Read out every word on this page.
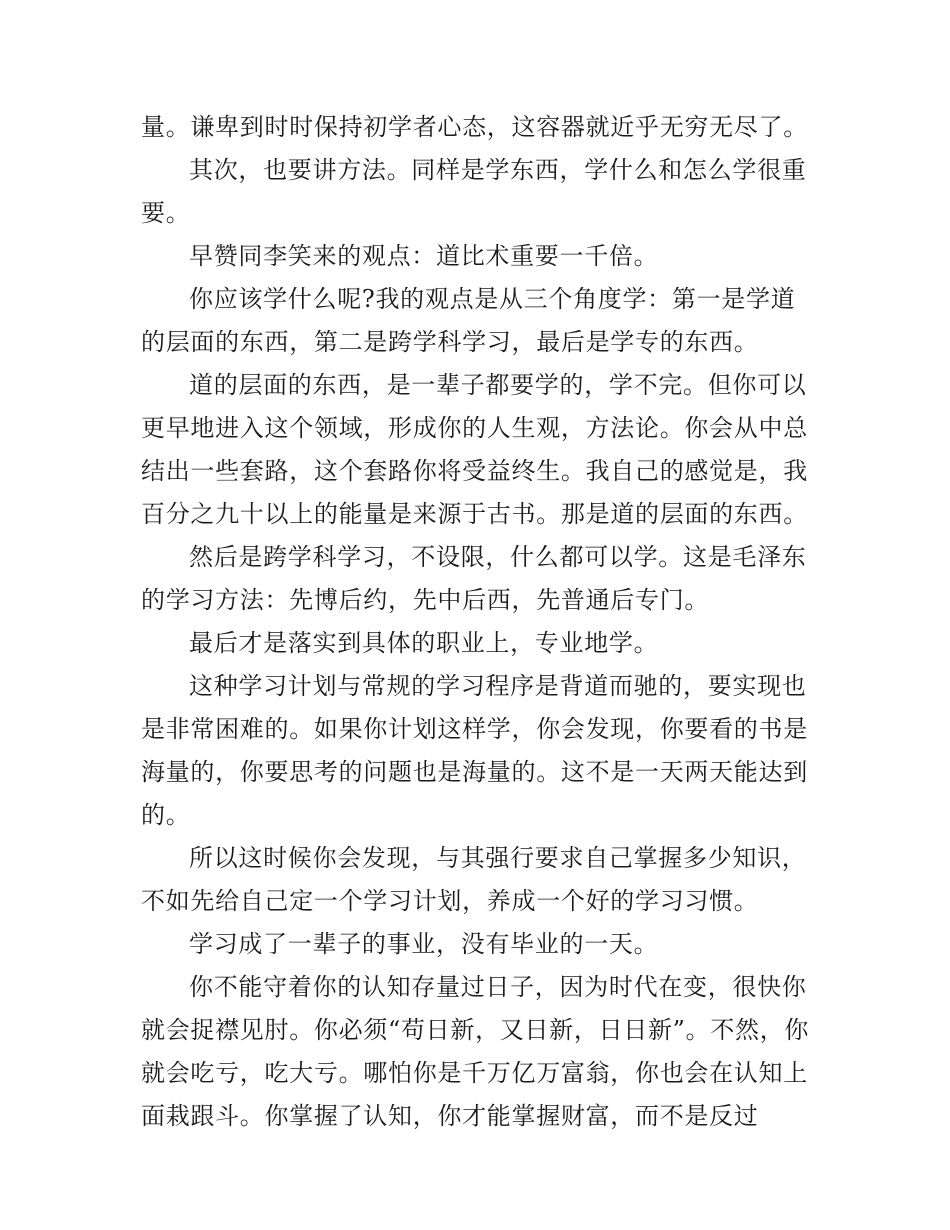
量。谦卑到时时保持初学者心态，这容器就近乎无穷无尽了。

其次，也要讲方法。同样是学东西，学什么和怎么学很重要。

早赞同李笑来的观点：道比术重要一千倍。

你应该学什么呢?我的观点是从三个角度学：第一是学道的层面的东西，第二是跨学科学习，最后是学专的东西。

道的层面的东西，是一辈子都要学的，学不完。但你可以更早地进入这个领域，形成你的人生观，方法论。你会从中总结出一些套路，这个套路你将受益终生。我自己的感觉是，我百分之九十以上的能量是来源于古书。那是道的层面的东西。

然后是跨学科学习，不设限，什么都可以学。这是毛泽东的学习方法：先博后约，先中后西，先普通后专门。

最后才是落实到具体的职业上，专业地学。

这种学习计划与常规的学习程序是背道而驰的，要实现也是非常困难的。如果你计划这样学，你会发现，你要看的书是海量的，你要思考的问题也是海量的。这不是一天两天能达到的。

所以这时候你会发现，与其强行要求自己掌握多少知识，不如先给自己定一个学习计划，养成一个好的学习习惯。

学习成了一辈子的事业，没有毕业的一天。

你不能守着你的认知存量过日子，因为时代在变，很快你就会捉襟见肘。你必须“苟日新，又日新，日日新”。不然，你就会吃亏，吃大亏。哪怕你是千万亿万富翁，你也会在认知上面栽跟斗。你掌握了认知，你才能掌握财富，而不是反过
